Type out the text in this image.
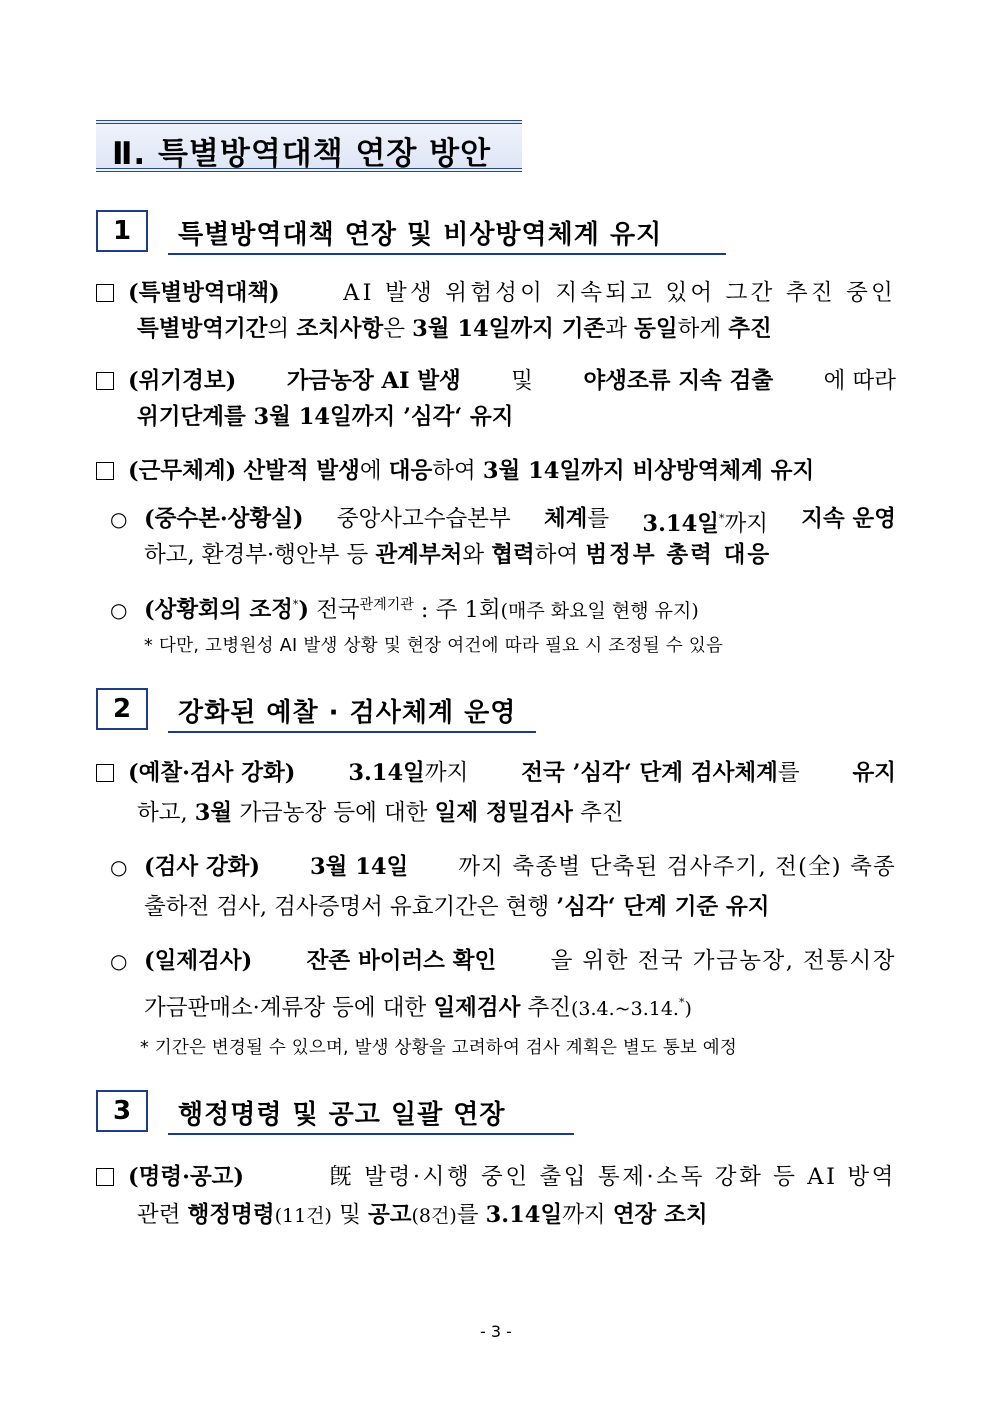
Ⅱ. 특별방역대책 연장 방안
1	특별방역대책 연장 및 비상방역체계 유지
(특별방역대책)	AI 발생 위험성이 지속되고 있어 그간 추진 중인
특별방역기간의 조치사항은 3월 14일까지 기존과 동일하게 추진
(위기경보) 가금농장 AI 발생 및 야생조류 지속 검출 에 따라
위기단계를 3월 14일까지 ’심각‘ 유지
(근무체계) 산발적 발생에 대응하여 3월 14일까지 비상방역체계 유지
○ (중수본·상황실) 중앙사고수습본부 체계를 3.14일*까지 지속 운영
하고, 환경부·행안부 등 관계부처와 협력하여 범정부 총력 대응
○ (상황회의 조정*) 전국$^{관계기관}$ : 주 1회(매주 화요일 현행 유지)
* 다만, 고병원성 AI 발생 상황 및 현장 여건에 따라 필요 시 조정될 수 있음
2	강화된 예찰 · 검사체계 운영
(예찰·검사 강화) 3.14일까지 전국 ’심각‘ 단계 검사체계를 유지
하고, 3월 가금농장 등에 대한 일제 정밀검사 추진
○ (검사 강화) 3월 14일 까지 축종별 단축된 검사주기, 전(全) 축종
출하전 검사, 검사증명서 유효기간은 현행 ’심각‘ 단계 기준 유지
○ (일제검사) 잔존 바이러스 확인 을 위한 전국 가금농장, 전통시장
가금판매소·계류장 등에 대한 일제검사 추진(3.4.~3.14.*)
* 기간은 변경될 수 있으며, 발생 상황을 고려하여 검사 계획은 별도 통보 예정
3	행정명령 및 공고 일괄 연장
(명령·공고)	旣 발령·시행 중인 출입 통제·소독 강화 등 AI 방역
관련 행정명령(11건) 및 공고(8건)를 3.14일까지 연장 조치
- 3 -
